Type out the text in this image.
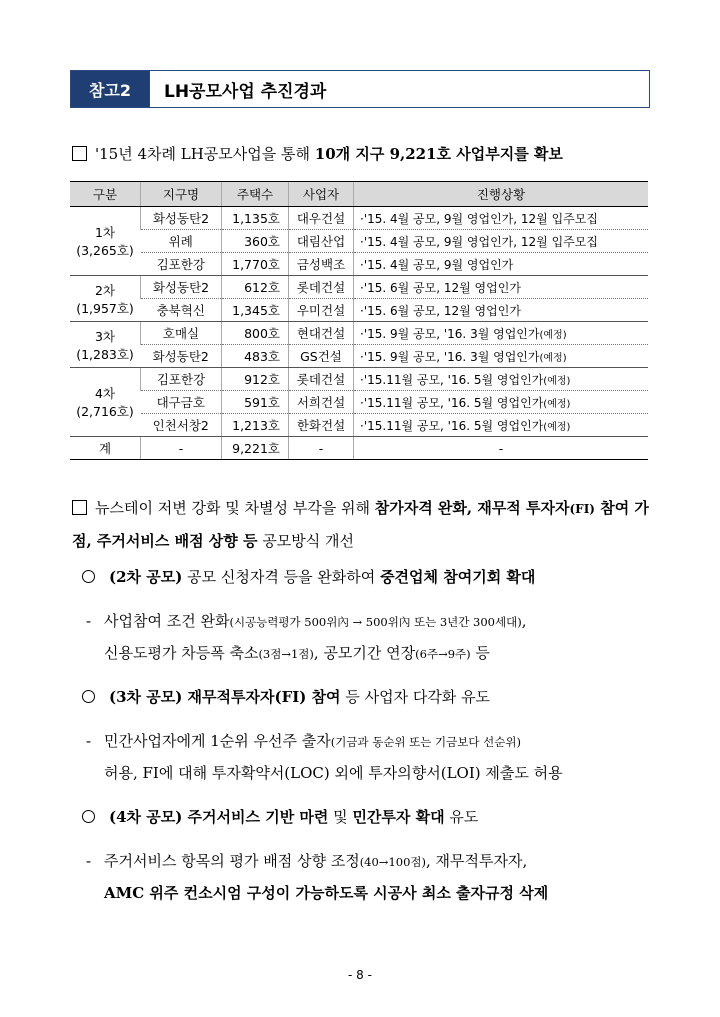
참고2	LH공모사업 추진경과
'15년 4차례 LH공모사업을 통해 10개 지구 9,221호 사업부지를 확보
구분	지구명	주택수	사업자	진행상황
1차
(3,265호)	화성동탄2	1,135호	대우건설	·'15. 4월 공모, 9월 영업인가, 12월 입주모집
	위례	360호	대림산업	·'15. 4월 공모, 9월 영업인가, 12월 입주모집
	김포한강	1,770호	금성백조	·'15. 4월 공모, 9월 영업인가
2차
(1,957호)	화성동탄2	612호	롯데건설	·'15. 6월 공모, 12월 영업인가
	충북혁신	1,345호	우미건설	·'15. 6월 공모, 12월 영업인가
3차
(1,283호)	호매실	800호	현대건설	·'15. 9월 공모, '16. 3월 영업인가(예정)
	화성동탄2	483호	GS건설	·'15. 9월 공모, '16. 3월 영업인가(예정)
4차
(2,716호)	김포한강	912호	롯데건설	·'15.11월 공모, '16. 5월 영업인가(예정)
	대구금호	591호	서희건설	·'15.11월 공모, '16. 5월 영업인가(예정)
	인천서창2	1,213호	한화건설	·'15.11월 공모, '16. 5월 영업인가(예정)
계	-	9,221호	-	-
뉴스테이 저변 강화 및 차별성 부각을 위해 참가자격 완화, 재무적 투자자(FI) 참여 가점, 주거서비스 배점 상향 등 공모방식 개선
(2차 공모) 공모 신청자격 등을 완화하여 중견업체 참여기회 확대
- 사업참여 조건 완화(시공능력평가 500위內 → 500위內 또는 3년간 300세대),
신용도평가 차등폭 축소(3점→1점), 공모기간 연장(6주→9주) 등
(3차 공모) 재무적투자자(FI) 참여 등 사업자 다각화 유도
- 민간사업자에게 1순위 우선주 출자(기금과 동순위 또는 기금보다 선순위)
허용, FI에 대해 투자확약서(LOC) 외에 투자의향서(LOI) 제출도 허용
(4차 공모) 주거서비스 기반 마련 및 민간투자 확대 유도
- 주거서비스 항목의 평가 배점 상향 조정(40→100점), 재무적투자자,
AMC 위주 컨소시엄 구성이 가능하도록 시공사 최소 출자규정 삭제
- 8 -
